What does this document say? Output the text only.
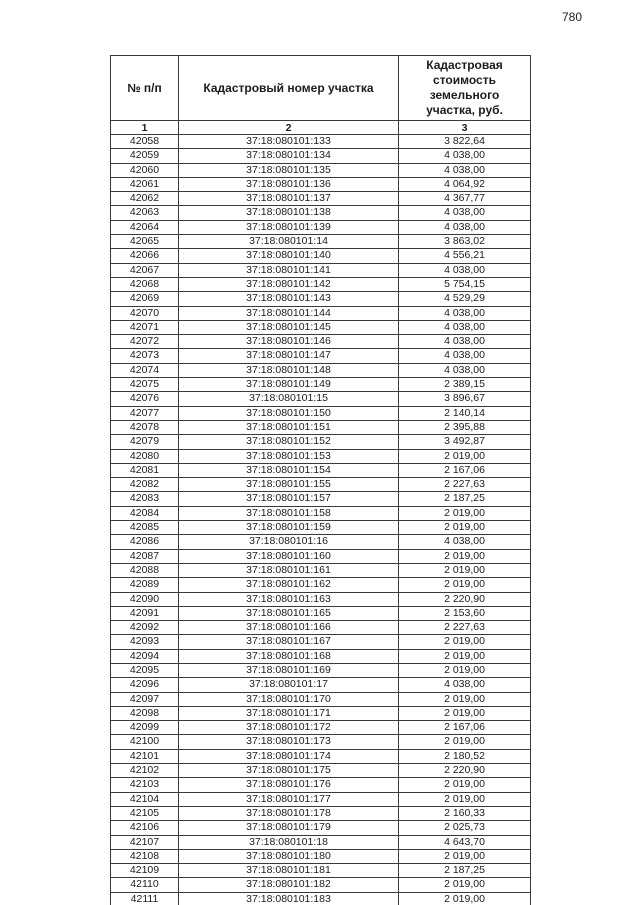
780
№ п/п	Кадастровый номер участка	Кадастровая стоимость земельного участка, руб.
1	2	3
42058	37:18:080101:133	3 822,64
42059	37:18:080101:134	4 038,00
42060	37:18:080101:135	4 038,00
42061	37:18:080101:136	4 064,92
42062	37:18:080101:137	4 367,77
42063	37:18:080101:138	4 038,00
42064	37:18:080101:139	4 038,00
42065	37:18:080101:14	3 863,02
42066	37:18:080101:140	4 556,21
42067	37:18:080101:141	4 038,00
42068	37:18:080101:142	5 754,15
42069	37:18:080101:143	4 529,29
42070	37:18:080101:144	4 038,00
42071	37:18:080101:145	4 038,00
42072	37:18:080101:146	4 038,00
42073	37:18:080101:147	4 038,00
42074	37:18:080101:148	4 038,00
42075	37:18:080101:149	2 389,15
42076	37:18:080101:15	3 896,67
42077	37:18:080101:150	2 140,14
42078	37:18:080101:151	2 395,88
42079	37:18:080101:152	3 492,87
42080	37:18:080101:153	2 019,00
42081	37:18:080101:154	2 167,06
42082	37:18:080101:155	2 227,63
42083	37:18:080101:157	2 187,25
42084	37:18:080101:158	2 019,00
42085	37:18:080101:159	2 019,00
42086	37:18:080101:16	4 038,00
42087	37:18:080101:160	2 019,00
42088	37:18:080101:161	2 019,00
42089	37:18:080101:162	2 019,00
42090	37:18:080101:163	2 220,90
42091	37:18:080101:165	2 153,60
42092	37:18:080101:166	2 227,63
42093	37:18:080101:167	2 019,00
42094	37:18:080101:168	2 019,00
42095	37:18:080101:169	2 019,00
42096	37:18:080101:17	4 038,00
42097	37:18:080101:170	2 019,00
42098	37:18:080101:171	2 019,00
42099	37:18:080101:172	2 167,06
42100	37:18:080101:173	2 019,00
42101	37:18:080101:174	2 180,52
42102	37:18:080101:175	2 220,90
42103	37:18:080101:176	2 019,00
42104	37:18:080101:177	2 019,00
42105	37:18:080101:178	2 160,33
42106	37:18:080101:179	2 025,73
42107	37:18:080101:18	4 643,70
42108	37:18:080101:180	2 019,00
42109	37:18:080101:181	2 187,25
42110	37:18:080101:182	2 019,00
42111	37:18:080101:183	2 019,00
